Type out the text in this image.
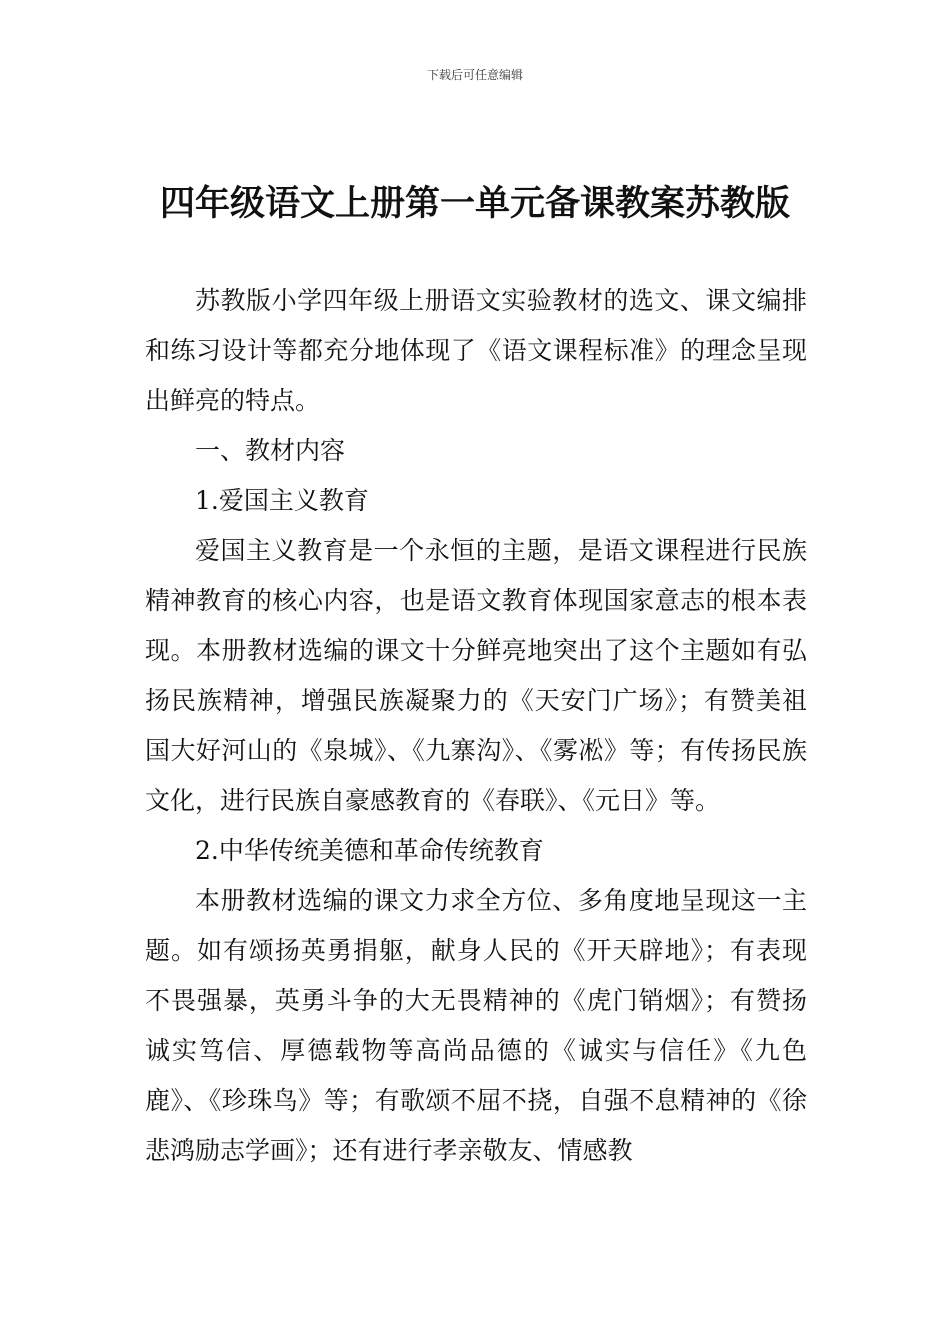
下载后可任意编辑
四年级语文上册第一单元备课教案苏教版

苏教版小学四年级上册语文实验教材的选文、课文编排和练习设计等都充分地体现了《语文课程标准》的理念呈现出鲜亮的特点。

一、教材内容

1.爱国主义教育

爱国主义教育是一个永恒的主题，是语文课程进行民族精神教育的核心内容，也是语文教育体现国家意志的根本表现。本册教材选编的课文十分鲜亮地突出了这个主题如有弘扬民族精神，增强民族凝聚力的《天安门广场》；有赞美祖国大好河山的《泉城》、《九寨沟》、《雾凇》等；有传扬民族文化，进行民族自豪感教育的《春联》、《元日》等。

2.中华传统美德和革命传统教育

本册教材选编的课文力求全方位、多角度地呈现这一主题。如有颂扬英勇捐躯，献身人民的《开天辟地》；有表现不畏强暴，英勇斗争的大无畏精神的《虎门销烟》；有赞扬诚实笃信、厚德载物等高尚品德的《诚实与信任》《九色鹿》、《珍珠鸟》等；有歌颂不屈不挠，自强不息精神的《徐悲鸿励志学画》；还有进行孝亲敬友、情感教
